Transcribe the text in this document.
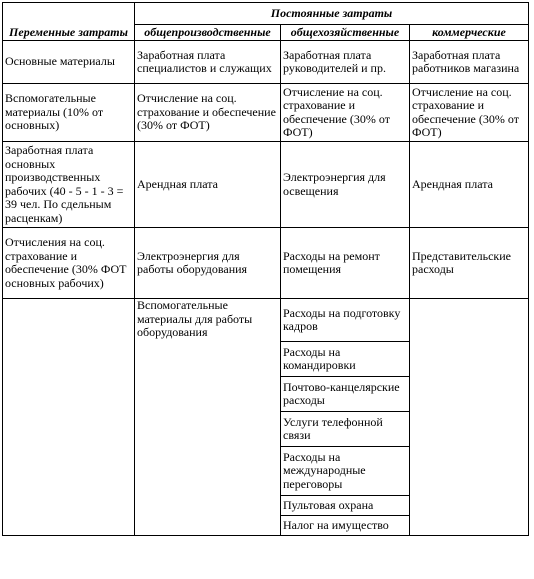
	Постоянные затраты		
Переменные затраты	общепроизводственные	общехозяйственные	коммерческие
Основные материалы	Заработная плата специалистов и служащих	Заработная плата руководителей и пр.	Заработная плата работников магазина
Вспомогательные материалы (10% от основных)	Отчисление на соц. страхование и обеспечение (30% от ФОТ)	Отчисление на соц. страхование и обеспечение (30% от ФОТ)	Отчисление на соц. страхование и обеспечение (30% от ФОТ)
Заработная плата основных производственных рабочих (40 - 5 - 1 - 3 = 39 чел. По сдельным расценкам)	Арендная плата	Электроэнергия для освещения	Арендная плата
Отчисления на соц. страхование и обеспечение (30% ФОТ основных рабочих)	Электроэнергия для работы оборудования	Расходы на ремонт помещения	Представительские расходы
	Вспомогательные материалы для работы оборудования	Расходы на подготовку кадров	
		Расходы на командировки	
		Почтово-канцелярские расходы	
		Услуги телефонной связи	
		Расходы на международные переговоры	
		Пультовая охрана	
		Налог на имущество	
